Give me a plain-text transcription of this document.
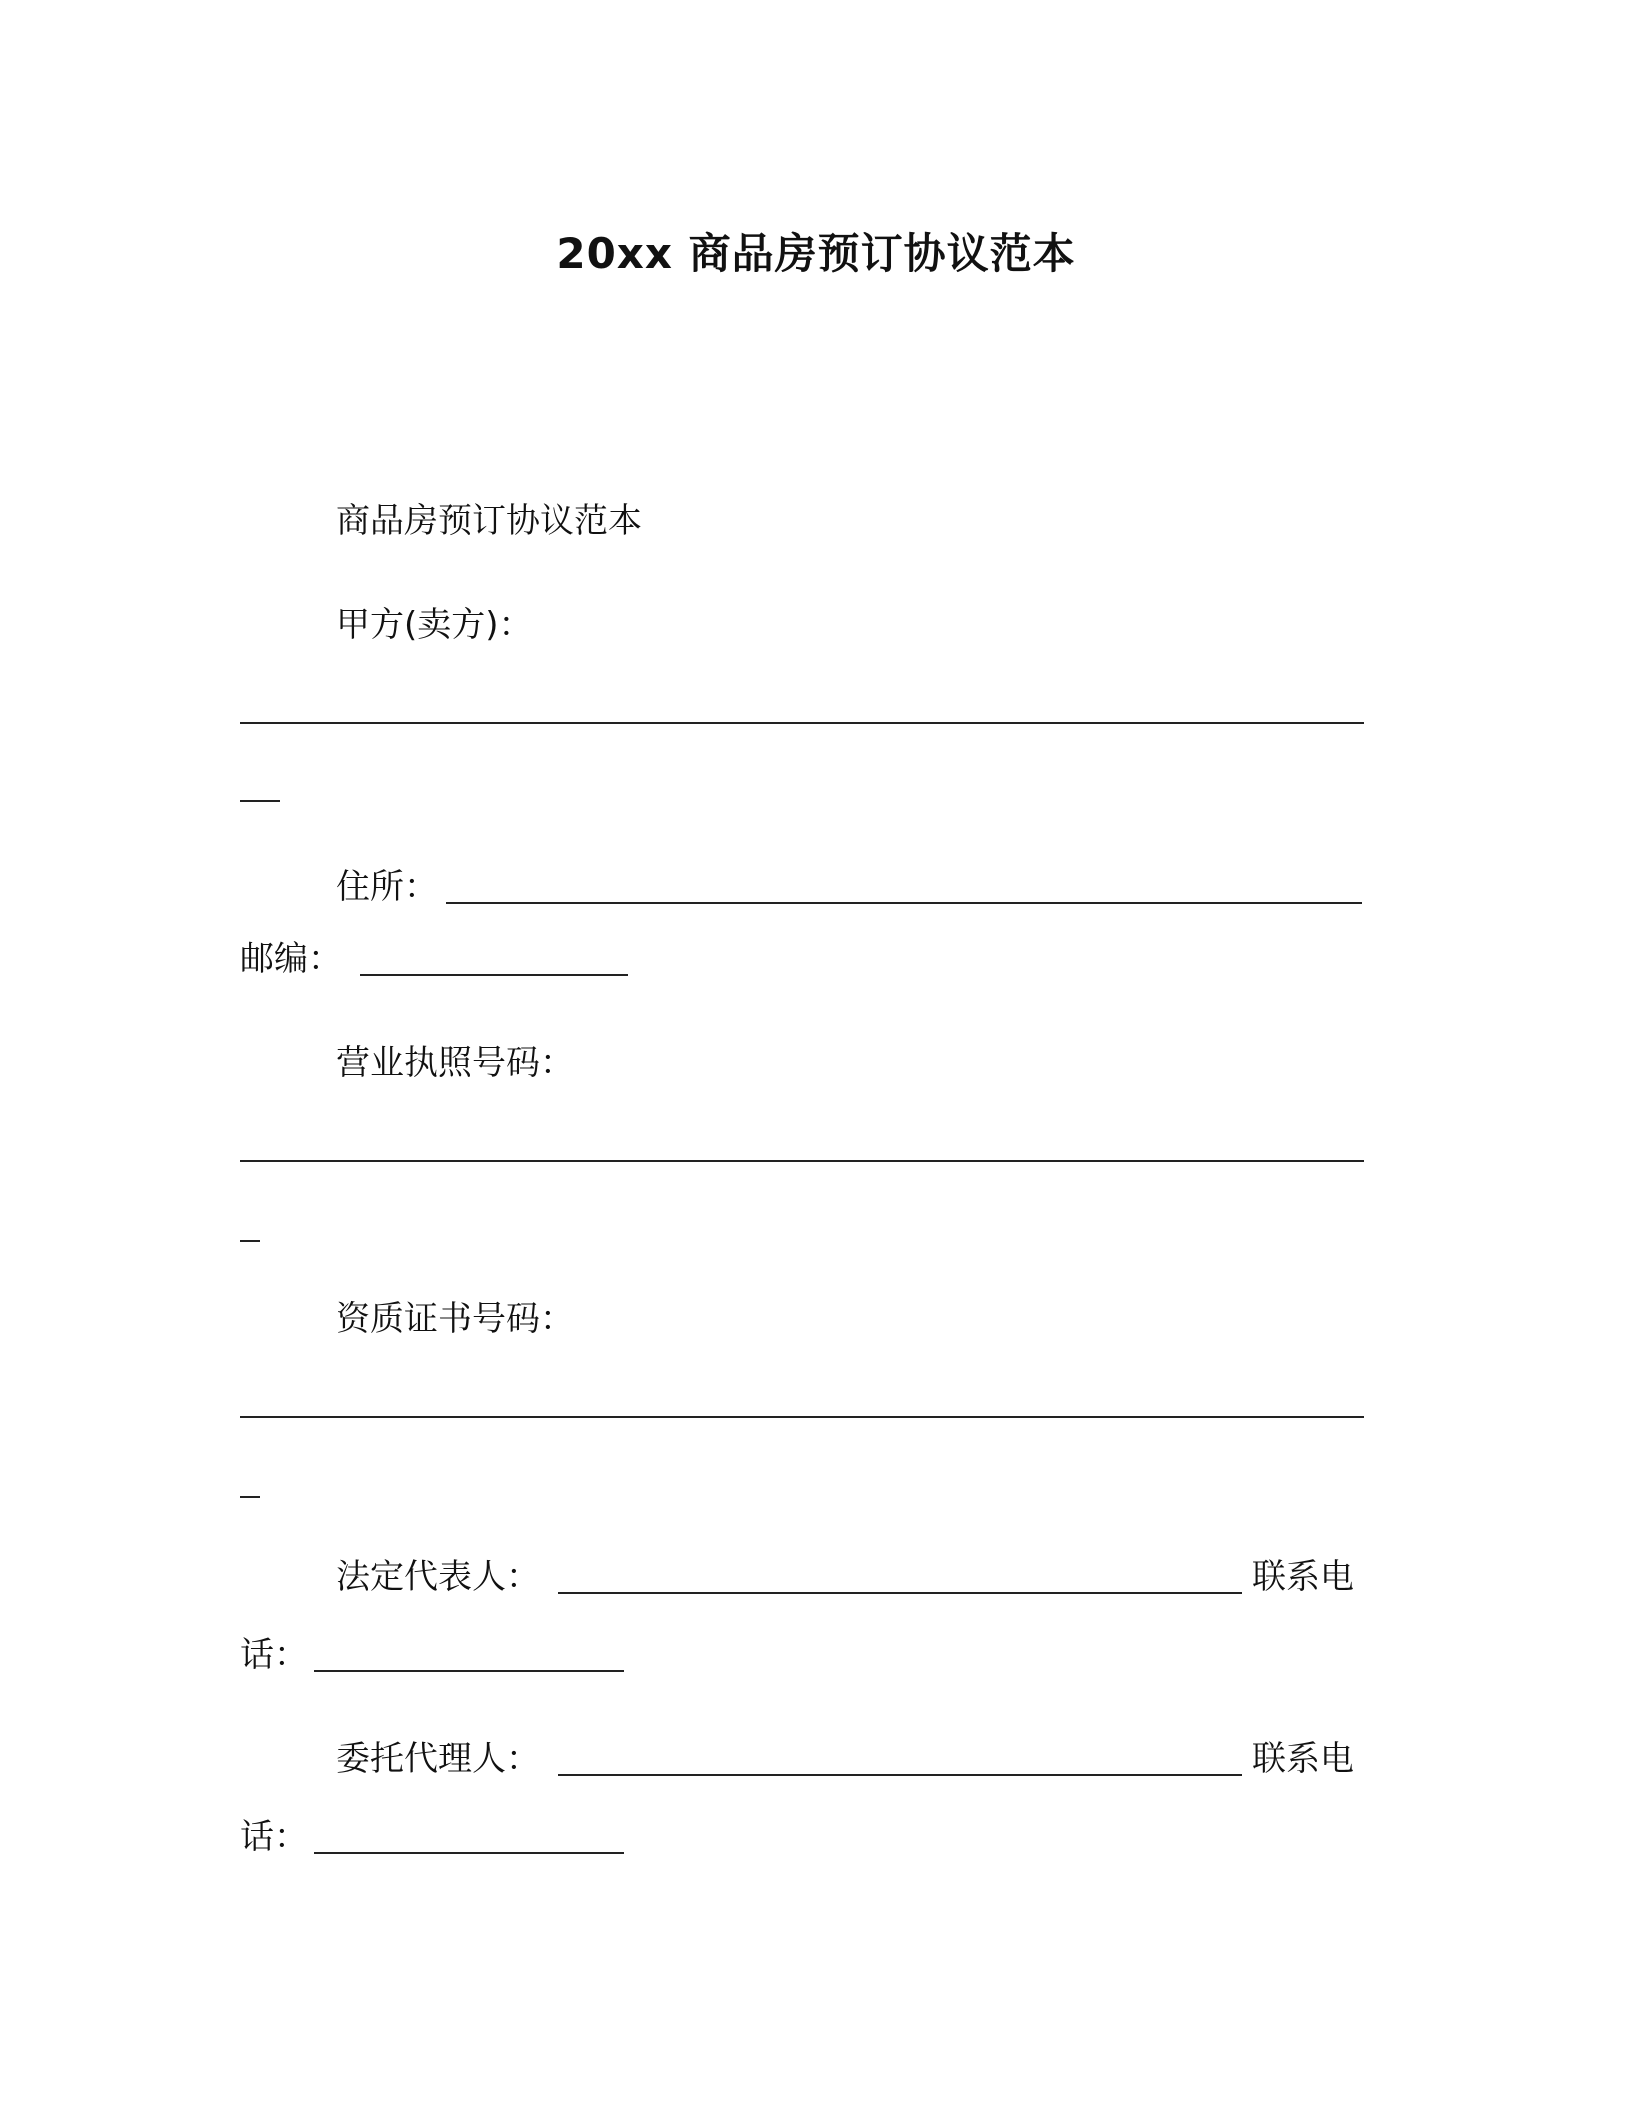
20xx 商品房预订协议范本
商品房预订协议范本
甲方(卖方)：
住所：
邮编：
营业执照号码：
资质证书号码：
法定代表人：	联系电
话：
委托代理人：	联系电
话：
